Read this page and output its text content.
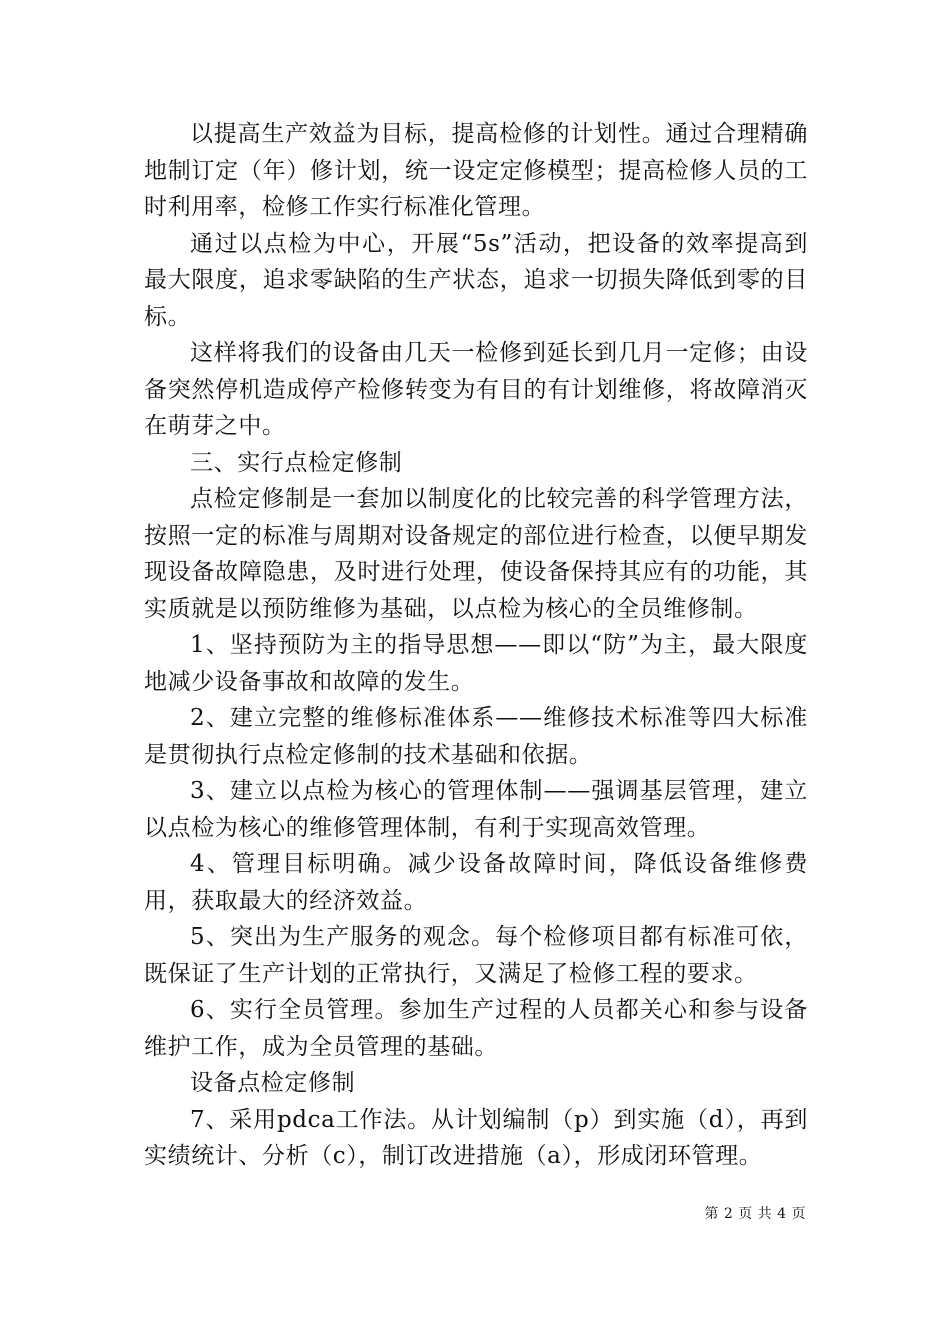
以提高生产效益为目标，提高检修的计划性。通过合理精确地制订定（年）修计划，统一设定定修模型；提高检修人员的工时利用率，检修工作实行标准化管理。

通过以点检为中心，开展“5s”活动，把设备的效率提高到最大限度，追求零缺陷的生产状态，追求一切损失降低到零的目标。

这样将我们的设备由几天一检修到延长到几月一定修；由设备突然停机造成停产检修转变为有目的有计划维修，将故障消灭在萌芽之中。

三、实行点检定修制

点检定修制是一套加以制度化的比较完善的科学管理方法，按照一定的标准与周期对设备规定的部位进行检查，以便早期发现设备故障隐患，及时进行处理，使设备保持其应有的功能，其实质就是以预防维修为基础，以点检为核心的全员维修制。

1、坚持预防为主的指导思想——即以“防”为主，最大限度地减少设备事故和故障的发生。

2、建立完整的维修标准体系——维修技术标准等四大标准是贯彻执行点检定修制的技术基础和依据。

3、建立以点检为核心的管理体制——强调基层管理，建立以点检为核心的维修管理体制，有利于实现高效管理。

4、管理目标明确。减少设备故障时间，降低设备维修费用，获取最大的经济效益。

5、突出为生产服务的观念。每个检修项目都有标准可依，既保证了生产计划的正常执行，又满足了检修工程的要求。

6、实行全员管理。参加生产过程的人员都关心和参与设备维护工作，成为全员管理的基础。

设备点检定修制

7、采用pdca工作法。从计划编制（p）到实施（d），再到实绩统计、分析（c），制订改进措施（a），形成闭环管理。

第 2 页 共 4 页
